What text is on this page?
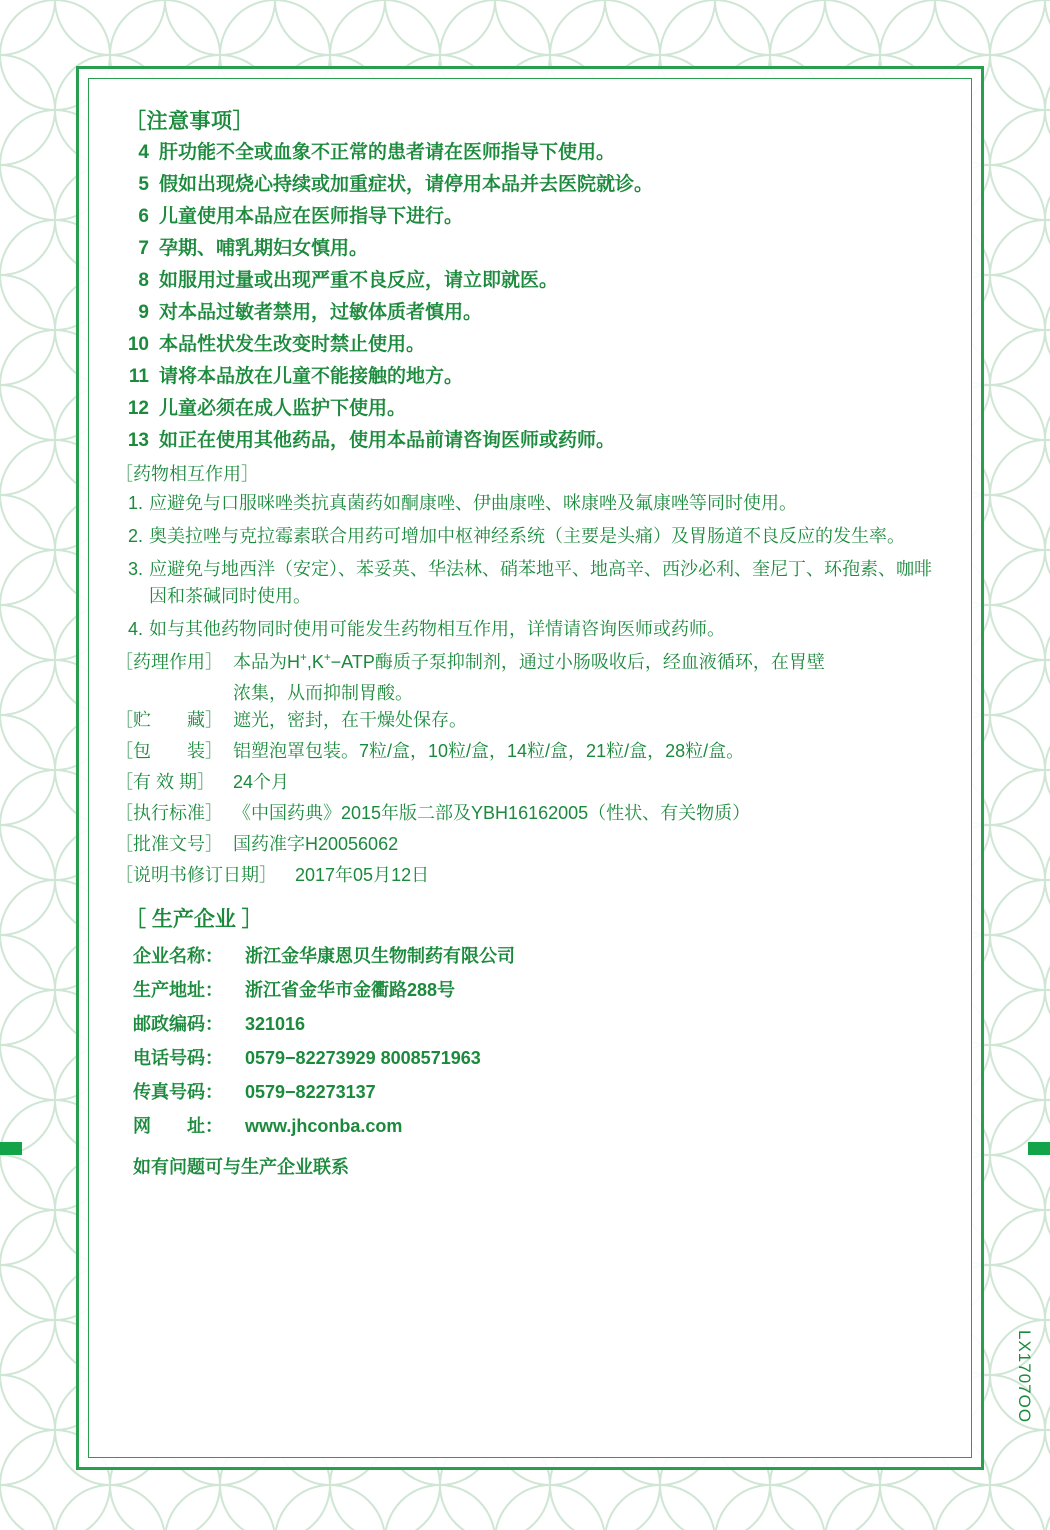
［注意事项］
4 肝功能不全或血象不正常的患者请在医师指导下使用。
5 假如出现烧心持续或加重症状，请停用本品并去医院就诊。
6 儿童使用本品应在医师指导下进行。
7 孕期、哺乳期妇女慎用。
8 如服用过量或出现严重不良反应，请立即就医。
9 对本品过敏者禁用，过敏体质者慎用。
10 本品性状发生改变时禁止使用。
11 请将本品放在儿童不能接触的地方。
12 儿童必须在成人监护下使用。
13 如正在使用其他药品，使用本品前请咨询医师或药师。
［药物相互作用］
1. 应避免与口服咪唑类抗真菌药如酮康唑、伊曲康唑、咪康唑及氟康唑等同时使用。
2. 奥美拉唑与克拉霉素联合用药可增加中枢神经系统（主要是头痛）及胃肠道不良反应的发生率。
3. 应避免与地西泮（安定）、苯妥英、华法林、硝苯地平、地高辛、西沙必利、奎尼丁、环孢素、咖啡因和茶碱同时使用。
4. 如与其他药物同时使用可能发生药物相互作用，详情请咨询医师或药师。
［药理作用］ 本品为H+,K+−ATP酶质子泵抑制剂，通过小肠吸收后，经血液循环，在胃壁
浓集，从而抑制胃酸。
［贮　　藏］ 遮光，密封，在干燥处保存。
［包　　装］ 铝塑泡罩包装。7粒/盒，10粒/盒，14粒/盒，21粒/盒，28粒/盒。
［有 效 期］ 24个月
［执行标准］ 《中国药典》2015年版二部及YBH16162005（性状、有关物质）
［批准文号］ 国药准字H20056062
［说明书修订日期］	2017年05月12日
［ 生产企业 ］
企业名称：	浙江金华康恩贝生物制药有限公司
生产地址：	浙江省金华市金衢路288号
邮政编码：	321016
电话号码：	0579−82273929 8008571963
传真号码：	0579−82273137
网　　址：	www.jhconba.com
如有问题可与生产企业联系
LX1707OO
